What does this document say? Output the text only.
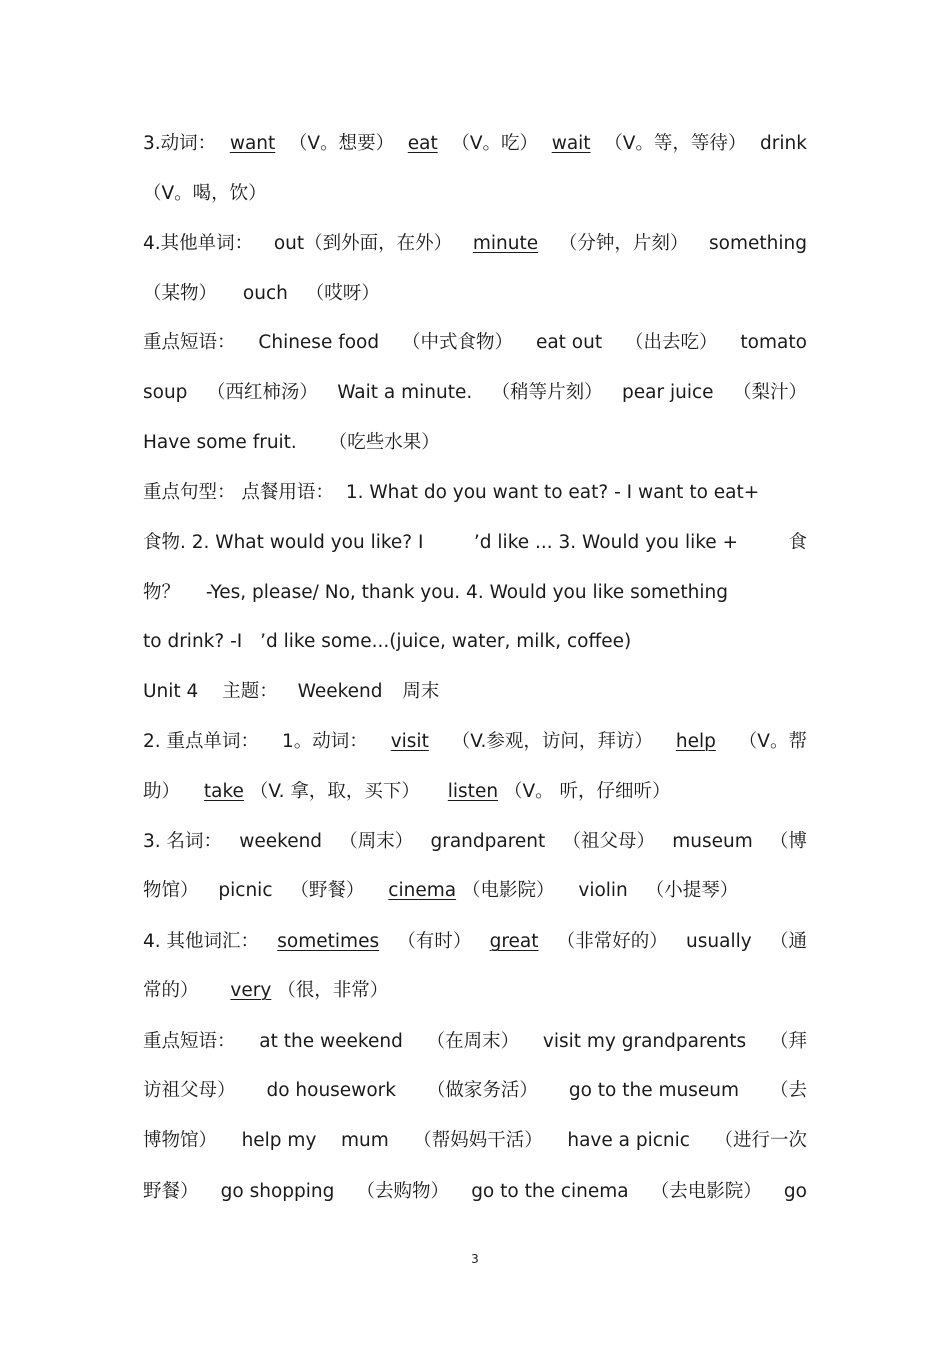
3.动词： want （V。想要） eat （V。吃） wait （V。等，等待） drink
（V。喝，饮）
4.其他单词： out（到外面，在外） minute （分钟，片刻） something
（某物） ouch （哎呀）
重点短语： Chinese food （中式食物） eat out （出去吃） tomato
soup （西红柿汤） Wait a minute. （稍等片刻） pear juice （梨汁）
Have some fruit. （吃些水果）
重点句型： 点餐用语： 1. What do you want to eat? - I want to eat+
食物. 2. What would you like? I	’d like ... 3. Would you like +	食
物？ -Yes, please/ No, thank you. 4. Would you like something
to drink? -I ’d like some...(juice, water, milk, coffee)
Unit 4 主题： Weekend 周末
2. 重点单词： 1。动词： visit （V.参观，访问，拜访） help （V。帮
助） take （V. 拿，取，买下） listen （V。 听，仔细听）
3. 名词： weekend （周末） grandparent （祖父母） museum （博
物馆） picnic （野餐） cinema （电影院） violin （小提琴）
4. 其他词汇： sometimes （有时） great （非常好的） usually （通
常的） very （很，非常）
重点短语： at the weekend （在周末） visit my grandparents （拜
访祖父母） do housework （做家务活） go to the museum （去
博物馆） help my mum （帮妈妈干活） have a picnic （进行一次
野餐） go shopping （去购物） go to the cinema （去电影院） go
3
